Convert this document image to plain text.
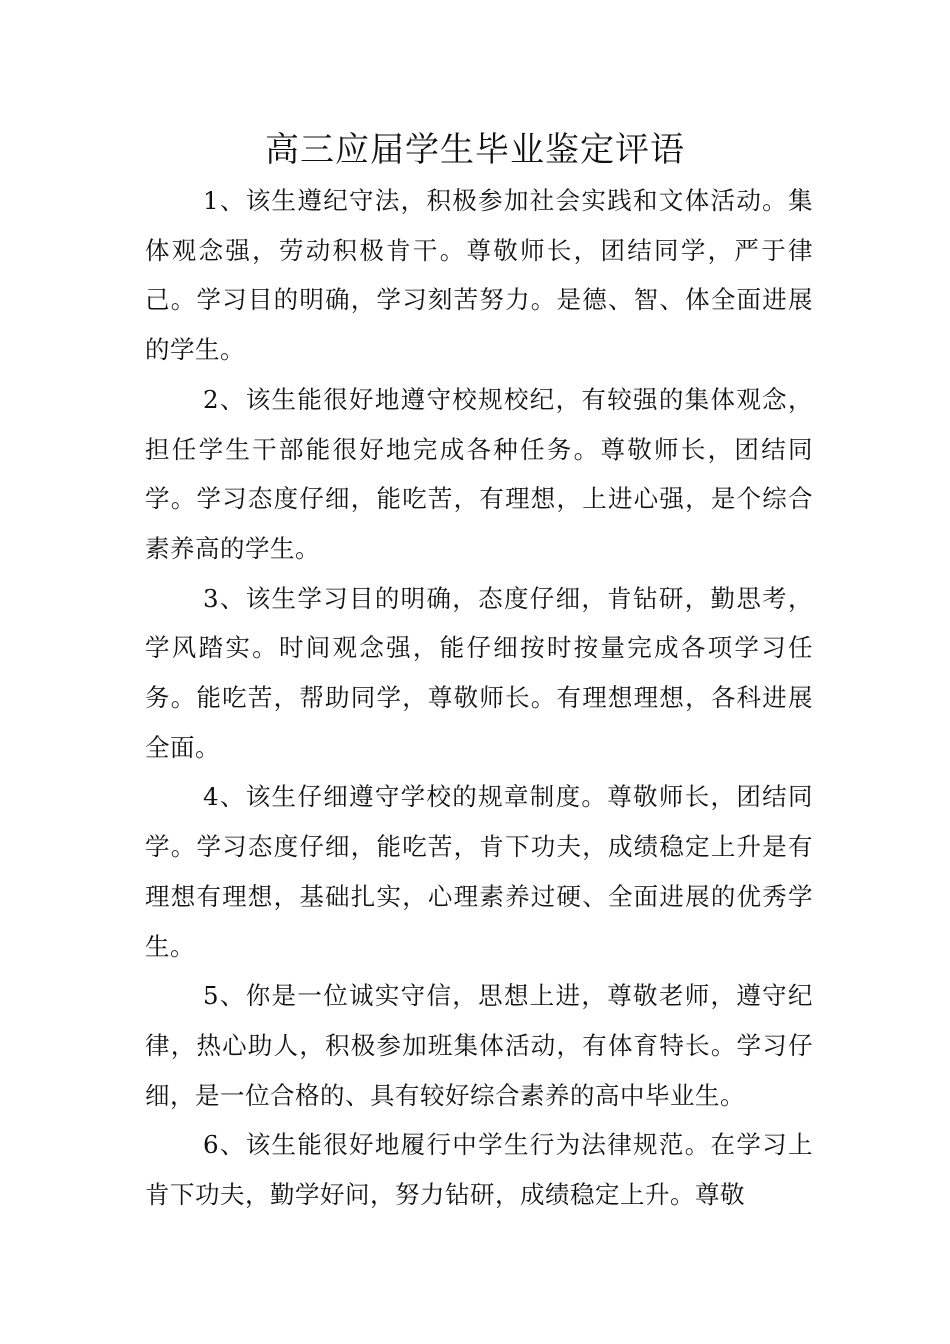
高三应届学生毕业鉴定评语

1、该生遵纪守法，积极参加社会实践和文体活动。集体观念强，劳动积极肯干。尊敬师长，团结同学，严于律己。学习目的明确，学习刻苦努力。是德、智、体全面进展的学生。

2、该生能很好地遵守校规校纪，有较强的集体观念，担任学生干部能很好地完成各种任务。尊敬师长，团结同学。学习态度仔细，能吃苦，有理想，上进心强，是个综合素养高的学生。

3、该生学习目的明确，态度仔细，肯钻研，勤思考，学风踏实。时间观念强，能仔细按时按量完成各项学习任务。能吃苦，帮助同学，尊敬师长。有理想理想，各科进展全面。

4、该生仔细遵守学校的规章制度。尊敬师长，团结同学。学习态度仔细，能吃苦，肯下功夫，成绩稳定上升是有理想有理想，基础扎实，心理素养过硬、全面进展的优秀学生。

5、你是一位诚实守信，思想上进，尊敬老师，遵守纪律，热心助人，积极参加班集体活动，有体育特长。学习仔细，是一位合格的、具有较好综合素养的高中毕业生。

6、该生能很好地履行中学生行为法律规范。在学习上肯下功夫，勤学好问，努力钻研，成绩稳定上升。尊敬
